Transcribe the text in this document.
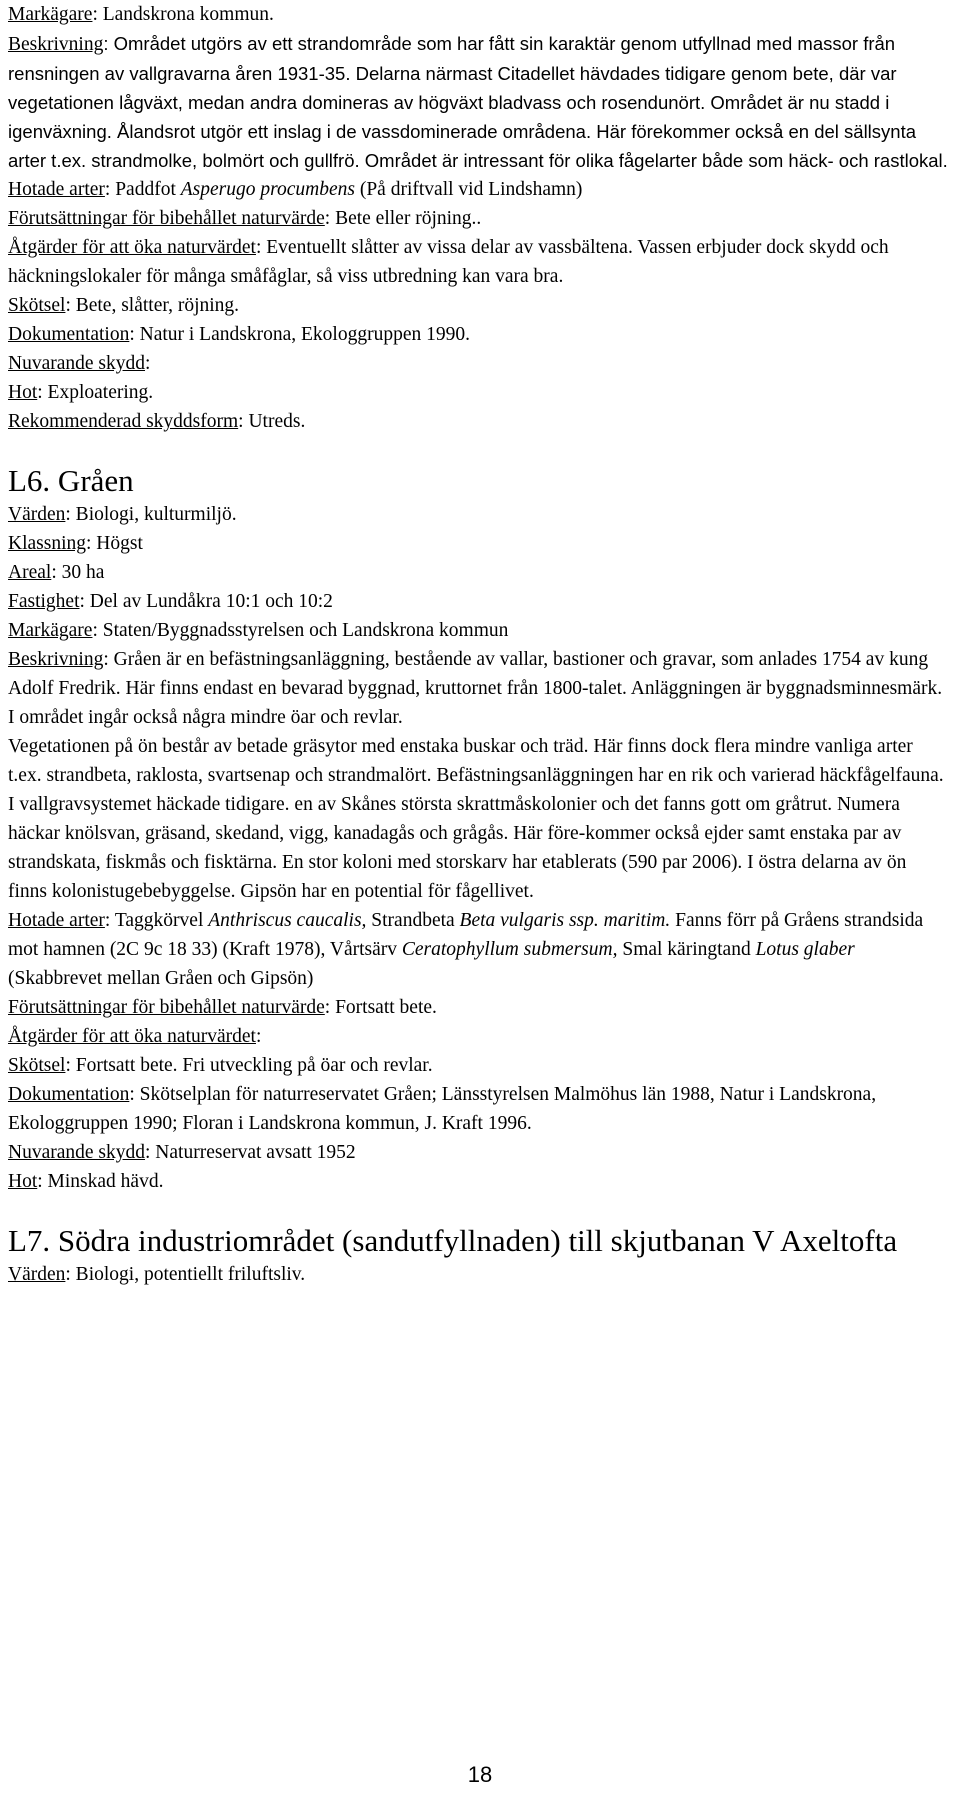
Markägare: Landskrona kommun.

Beskrivning: Området utgörs av ett strandområde som har fått sin karaktär genom utfyllnad med massor från rensningen av vallgravarna åren 1931-35. Delarna närmast Citadellet hävdades tidigare genom bete, där var vegetationen lågväxt, medan andra domineras av högväxt bladvass och rosendunört. Området är nu stadd i igenväxning. Ålandsrot utgör ett inslag i de vassdominerade områdena. Här förekommer också en del sällsynta arter t.ex. strandmolke, bolmört och gullfrö. Området är intressant för olika fågelarter både som häck- och rastlokal.

Hotade arter: Paddfot Asperugo procumbens (På driftvall vid Lindshamn)

Förutsättningar för bibehållet naturvärde: Bete eller röjning..

Åtgärder för att öka naturvärdet: Eventuellt slåtter av vissa delar av vassbältena. Vassen erbjuder dock skydd och häckningslokaler för många småfåglar, så viss utbredning kan vara bra.

Skötsel: Bete, slåtter, röjning.

Dokumentation: Natur i Landskrona, Ekologgruppen 1990.

Nuvarande skydd:

Hot: Exploatering.

Rekommenderad skyddsform: Utreds.

L6. Gråen

Värden: Biologi, kulturmiljö.

Klassning: Högst

Areal: 30 ha

Fastighet: Del av Lundåkra 10:1 och 10:2

Markägare: Staten/Byggnadsstyrelsen och Landskrona kommun

Beskrivning: Gråen är en befästningsanläggning, bestående av vallar, bastioner och gravar, som anlades 1754 av kung Adolf Fredrik. Här finns endast en bevarad byggnad, kruttornet från 1800-talet. Anläggningen är byggnadsminnesmärk. I området ingår också några mindre öar och revlar.

Vegetationen på ön består av betade gräsytor med enstaka buskar och träd. Här finns dock flera mindre vanliga arter t.ex. strandbeta, raklosta, svartsenap och strandmalört. Befästningsanläggningen har en rik och varierad häckfågelfauna. I vallgravsystemet häckade tidigare. en av Skånes största skrattmåskolonier och det fanns gott om gråtrut. Numera häckar knölsvan, gräsand, skedand, vigg, kanadagås och grågås. Här före-kommer också ejder samt enstaka par av strandskata, fiskmås och fisktärna. En stor koloni med storskarv har etablerats (590 par 2006). I östra delarna av ön finns kolonistugebebyggelse. Gipsön har en potential för fågellivet.

Hotade arter: Taggkörvel Anthriscus caucalis, Strandbeta Beta vulgaris ssp. maritim. Fanns förr på Gråens strandsida mot hamnen (2C 9c 18 33) (Kraft 1978), Vårtsärv Ceratophyllum submersum, Smal käringtand Lotus glaber (Skabbrevet mellan Gråen och Gipsön)

Förutsättningar för bibehållet naturvärde: Fortsatt bete.

Åtgärder för att öka naturvärdet:

Skötsel: Fortsatt bete. Fri utveckling på öar och revlar.

Dokumentation: Skötselplan för naturreservatet Gråen; Länsstyrelsen Malmöhus län 1988, Natur i Landskrona, Ekologgruppen 1990; Floran i Landskrona kommun, J. Kraft 1996.

Nuvarande skydd: Naturreservat avsatt 1952

Hot: Minskad hävd.

L7. Södra industriområdet (sandutfyllnaden) till skjutbanan V Axeltofta

Värden: Biologi, potentiellt friluftsliv.

18
